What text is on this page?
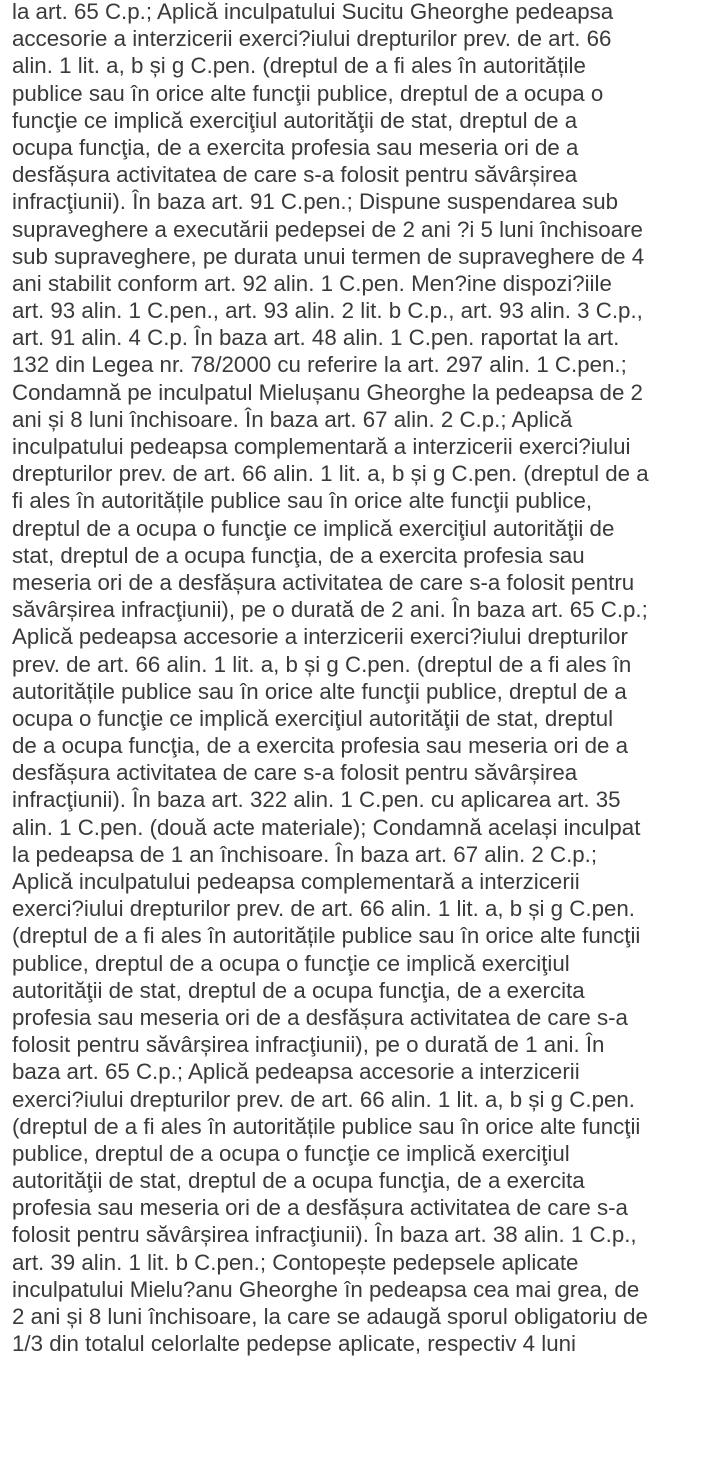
la art. 65 C.p.; Aplică inculpatului Sucitu Gheorghe pedeapsa
accesorie a interzicerii exerci?iului drepturilor prev. de art. 66
alin. 1 lit. a, b și g C.pen. (dreptul de a fi ales în autoritățile
publice sau în orice alte funcţii publice, dreptul de a ocupa o
funcţie ce implică exerciţiul autorităţii de stat, dreptul de a
ocupa funcţia, de a exercita profesia sau meseria ori de a
desfășura activitatea de care s-a folosit pentru săvârșirea
infracţiunii). În baza art. 91 C.pen.; Dispune suspendarea sub
supraveghere a executării pedepsei de 2 ani ?i 5 luni închisoare
sub supraveghere, pe durata unui termen de supraveghere de 4
ani stabilit conform art. 92 alin. 1 C.pen. Men?ine dispozi?iile
art. 93 alin. 1 C.pen., art. 93 alin. 2 lit. b C.p., art. 93 alin. 3 C.p.,
art. 91 alin. 4 C.p. În baza art. 48 alin. 1 C.pen. raportat la art.
132 din Legea nr. 78/2000 cu referire la art. 297 alin. 1 C.pen.;
Condamnă pe inculpatul Mielușanu Gheorghe la pedeapsa de 2
ani și 8 luni închisoare. În baza art. 67 alin. 2 C.p.; Aplică
inculpatului pedeapsa complementară a interzicerii exerci?iului
drepturilor prev. de art. 66 alin. 1 lit. a, b și g C.pen. (dreptul de a
fi ales în autoritățile publice sau în orice alte funcţii publice,
dreptul de a ocupa o funcţie ce implică exerciţiul autorităţii de
stat, dreptul de a ocupa funcţia, de a exercita profesia sau
meseria ori de a desfășura activitatea de care s-a folosit pentru
săvârșirea infracţiunii), pe o durată de 2 ani. În baza art. 65 C.p.;
Aplică pedeapsa accesorie a interzicerii exerci?iului drepturilor
prev. de art. 66 alin. 1 lit. a, b și g C.pen. (dreptul de a fi ales în
autoritățile publice sau în orice alte funcţii publice, dreptul de a
ocupa o funcţie ce implică exerciţiul autorităţii de stat, dreptul
de a ocupa funcţia, de a exercita profesia sau meseria ori de a
desfășura activitatea de care s-a folosit pentru săvârșirea
infracţiunii). În baza art. 322 alin. 1 C.pen. cu aplicarea art. 35
alin. 1 C.pen. (două acte materiale); Condamnă același inculpat
la pedeapsa de 1 an închisoare. În baza art. 67 alin. 2 C.p.;
Aplică inculpatului pedeapsa complementară a interzicerii
exerci?iului drepturilor prev. de art. 66 alin. 1 lit. a, b și g C.pen.
(dreptul de a fi ales în autoritățile publice sau în orice alte funcţii
publice, dreptul de a ocupa o funcţie ce implică exerciţiul
autorităţii de stat, dreptul de a ocupa funcţia, de a exercita
profesia sau meseria ori de a desfășura activitatea de care s-a
folosit pentru săvârșirea infracţiunii), pe o durată de 1 ani. În
baza art. 65 C.p.; Aplică pedeapsa accesorie a interzicerii
exerci?iului drepturilor prev. de art. 66 alin. 1 lit. a, b și g C.pen.
(dreptul de a fi ales în autoritățile publice sau în orice alte funcţii
publice, dreptul de a ocupa o funcţie ce implică exerciţiul
autorităţii de stat, dreptul de a ocupa funcţia, de a exercita
profesia sau meseria ori de a desfășura activitatea de care s-a
folosit pentru săvârșirea infracţiunii). În baza art. 38 alin. 1 C.p.,
art. 39 alin. 1 lit. b C.pen.; Contopește pedepsele aplicate
inculpatului Mielu?anu Gheorghe în pedeapsa cea mai grea, de
2 ani și 8 luni închisoare, la care se adaugă sporul obligatoriu de
1/3 din totalul celorlalte pedepse aplicate, respectiv 4 luni
